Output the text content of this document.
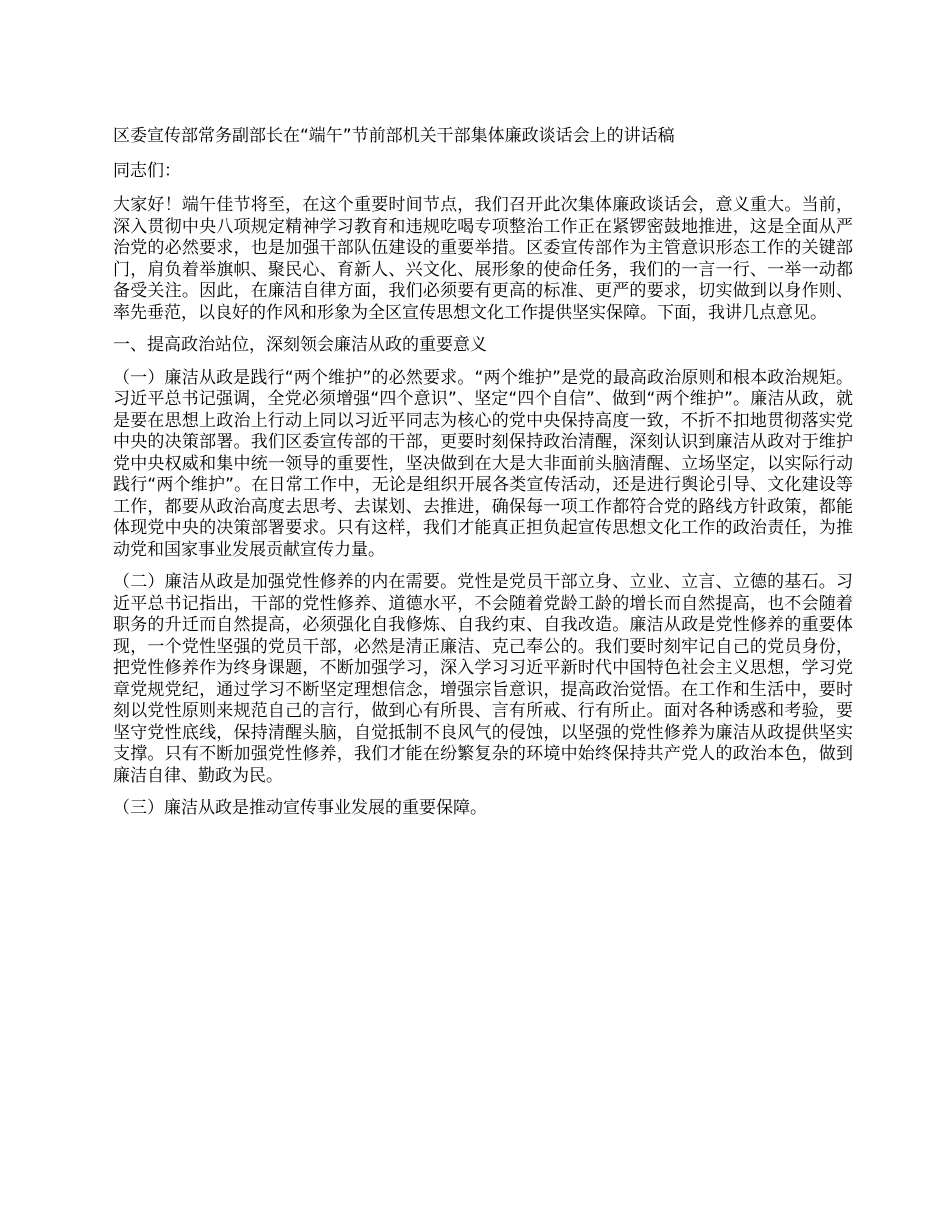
区委宣传部常务副部长在“端午”节前部机关干部集体廉政谈话会上的讲话稿

同志们：

大家好！端午佳节将至，在这个重要时间节点，我们召开此次集体廉政谈话会，意义重大。当前，深入贯彻中央八项规定精神学习教育和违规吃喝专项整治工作正在紧锣密鼓地推进，这是全面从严治党的必然要求，也是加强干部队伍建设的重要举措。区委宣传部作为主管意识形态工作的关键部门，肩负着举旗帜、聚民心、育新人、兴文化、展形象的使命任务，我们的一言一行、一举一动都备受关注。因此，在廉洁自律方面，我们必须要有更高的标准、更严的要求，切实做到以身作则、率先垂范，以良好的作风和形象为全区宣传思想文化工作提供坚实保障。下面，我讲几点意见。

一、提高政治站位，深刻领会廉洁从政的重要意义

（一）廉洁从政是践行“两个维护”的必然要求。“两个维护”是党的最高政治原则和根本政治规矩。习近平总书记强调，全党必须增强“四个意识”、坚定“四个自信”、做到“两个维护”。廉洁从政，就是要在思想上政治上行动上同以习近平同志为核心的党中央保持高度一致，不折不扣地贯彻落实党中央的决策部署。我们区委宣传部的干部，更要时刻保持政治清醒，深刻认识到廉洁从政对于维护党中央权威和集中统一领导的重要性，坚决做到在大是大非面前头脑清醒、立场坚定，以实际行动践行“两个维护”。在日常工作中，无论是组织开展各类宣传活动，还是进行舆论引导、文化建设等工作，都要从政治高度去思考、去谋划、去推进，确保每一项工作都符合党的路线方针政策，都能体现党中央的决策部署要求。只有这样，我们才能真正担负起宣传思想文化工作的政治责任，为推动党和国家事业发展贡献宣传力量。

（二）廉洁从政是加强党性修养的内在需要。党性是党员干部立身、立业、立言、立德的基石。习近平总书记指出，干部的党性修养、道德水平，不会随着党龄工龄的增长而自然提高，也不会随着职务的升迁而自然提高，必须强化自我修炼、自我约束、自我改造。廉洁从政是党性修养的重要体现，一个党性坚强的党员干部，必然是清正廉洁、克己奉公的。我们要时刻牢记自己的党员身份，把党性修养作为终身课题，不断加强学习，深入学习习近平新时代中国特色社会主义思想，学习党章党规党纪，通过学习不断坚定理想信念，增强宗旨意识，提高政治觉悟。在工作和生活中，要时刻以党性原则来规范自己的言行，做到心有所畏、言有所戒、行有所止。面对各种诱惑和考验，要坚守党性底线，保持清醒头脑，自觉抵制不良风气的侵蚀，以坚强的党性修养为廉洁从政提供坚实支撑。只有不断加强党性修养，我们才能在纷繁复杂的环境中始终保持共产党人的政治本色，做到廉洁自律、勤政为民。

（三）廉洁从政是推动宣传事业发展的重要保障。
